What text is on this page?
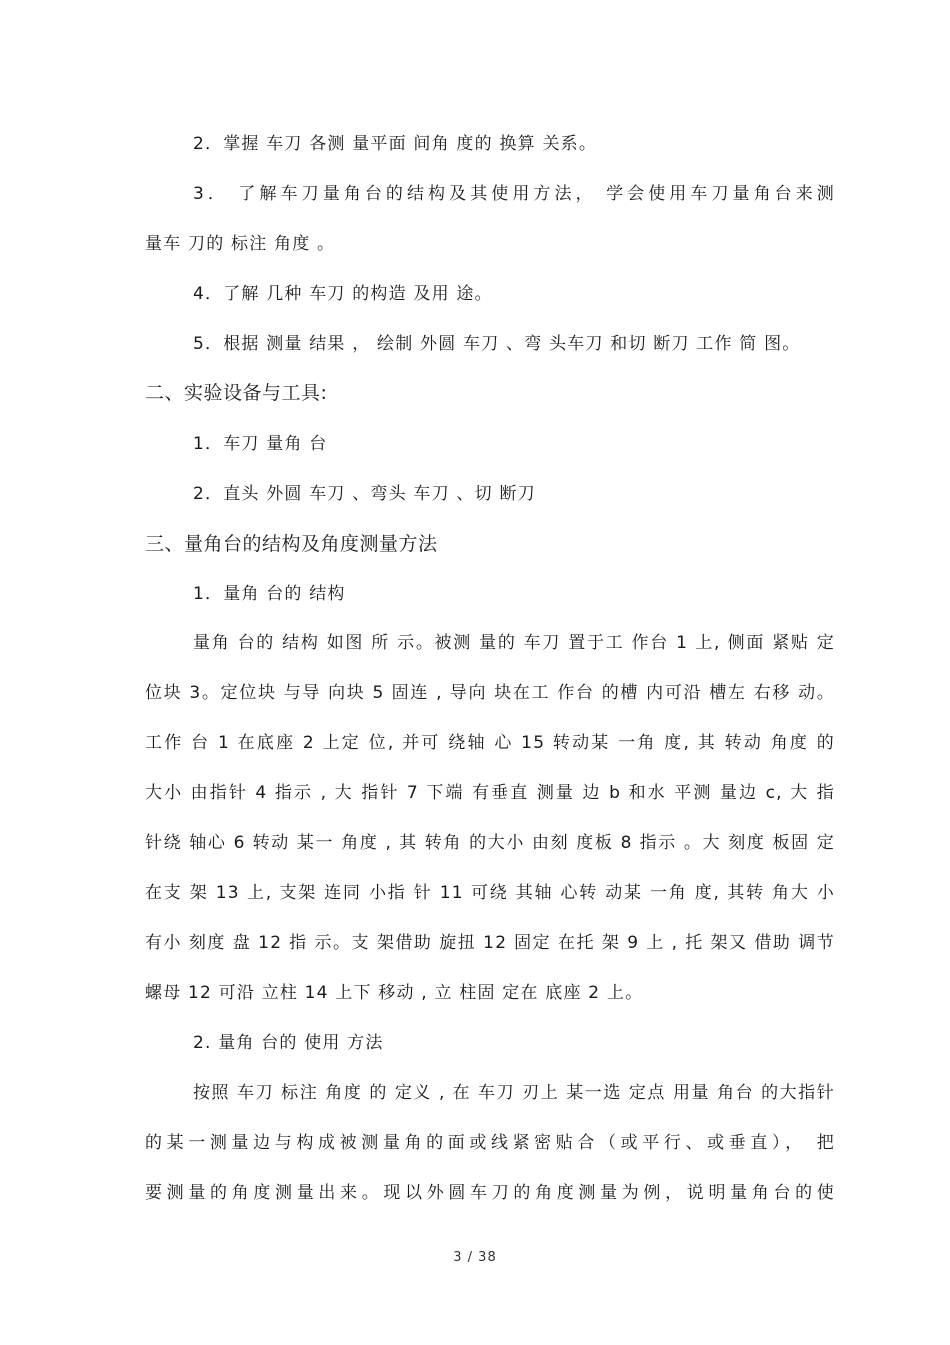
2．掌握 车刀 各测 量平面 间角 度的 换算 关系。
3． 了解车刀量角台的结构及其使用方法， 学会使用车刀量角台来测
量车 刀的 标注 角度 。
4．了解 几种 车刀 的构造 及用 途。
5．根据 测量 结果 ， 绘制 外圆 车刀 、弯 头车刀 和切 断刀 工作 简 图。
二、实验设备与工具:
1．车刀 量角 台
2．直头 外圆 车刀 、弯头 车刀 、切 断刀
三、量角台的结构及角度测量方法
1．量角 台的 结构
量角 台的 结构 如图 所 示。被测 量的 车刀 置于工 作台 1 上, 侧面 紧贴 定
位块 3。定位块 与导 向块 5 固连 , 导向 块在工 作台 的槽 内可沿 槽左 右移 动。
工作 台 1 在底座 2 上定 位, 并可 绕轴 心 15 转动某 一角 度, 其 转动 角度 的
大小 由指针 4 指示 , 大 指针 7 下端 有垂直 测量 边 b 和水 平测 量边 c, 大 指
针绕 轴心 6 转动 某一 角度 , 其 转角 的大小 由刻 度板 8 指示 。大 刻度 板固 定
在支 架 13 上, 支架 连同 小指 针 11 可绕 其轴 心转 动某 一角 度, 其转 角大 小
有小 刻度 盘 12 指 示。支 架借助 旋扭 12 固定 在托 架 9 上 , 托 架又 借助 调节
螺母 12 可沿 立柱 14 上下 移动 , 立 柱固 定在 底座 2 上。
2. 量角 台的 使用 方法
按照 车刀 标注 角度 的 定义 , 在 车刀 刃上 某一选 定点 用量 角台 的大指针
的某一测量边与构成被测量角的面或线紧密贴合（或平行、或垂直）， 把
要测量的角度测量出来。现以外圆车刀的角度测量为例，说明量角台的使
3 / 38
